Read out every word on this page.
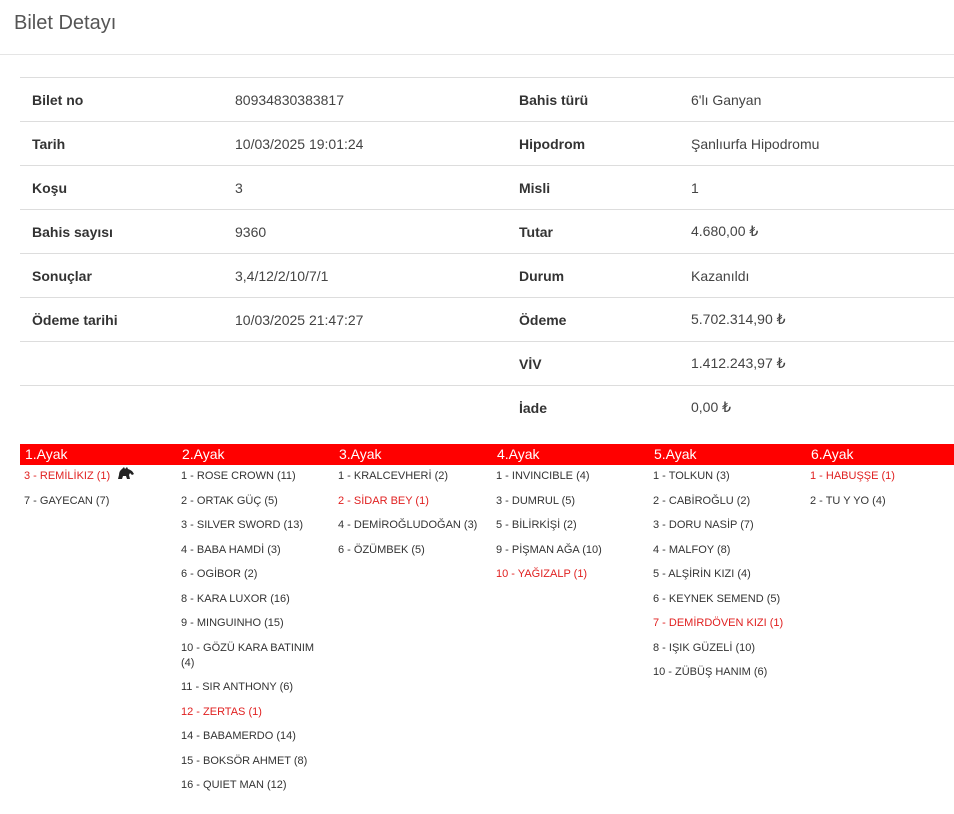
Bilet Detayı
Bilet no	80934830383817	Bahis türü	6'lı Ganyan
Tarih	10/03/2025 19:01:24	Hipodrom	Şanlıurfa Hipodromu
Koşu	3	Misli	1
Bahis sayısı	9360	Tutar	4.680,00 ₺
Sonuçlar	3,4/12/2/10/7/1	Durum	Kazanıldı
Ödeme tarihi	10/03/2025 21:47:27	Ödeme	5.702.314,90 ₺
		VİV	1.412.243,97 ₺
		İade	0,00 ₺
1.Ayak
3 - REMİLİKIZ (1)
7 - GAYECAN (7)
2.Ayak
1 - ROSE CROWN (11)
2 - ORTAK GÜÇ (5)
3 - SILVER SWORD (13)
4 - BABA HAMDİ (3)
6 - OGİBOR (2)
8 - KARA LUXOR (16)
9 - MINGUINHO (15)
10 - GÖZÜ KARA BATINIM (4)
11 - SIR ANTHONY (6)
12 - ZERTAS (1)
14 - BABAMERDO (14)
15 - BOKSÖR AHMET (8)
16 - QUIET MAN (12)
3.Ayak
1 - KRALCEVHERİ (2)
2 - SİDAR BEY (1)
4 - DEMİROĞLUDOĞAN (3)
6 - ÖZÜMBEK (5)
4.Ayak
1 - INVINCIBLE (4)
3 - DUMRUL (5)
5 - BİLİRKİŞİ (2)
9 - PİŞMAN AĞA (10)
10 - YAĞIZALP (1)
5.Ayak
1 - TOLKUN (3)
2 - CABİROĞLU (2)
3 - DORU NASİP (7)
4 - MALFOY (8)
5 - ALŞİRİN KIZI (4)
6 - KEYNEK SEMEND (5)
7 - DEMİRDÖVEN KIZI (1)
8 - IŞIK GÜZELİ (10)
10 - ZÜBÜŞ HANIM (6)
6.Ayak
1 - HABUŞŞE (1)
2 - TU Y YO (4)
